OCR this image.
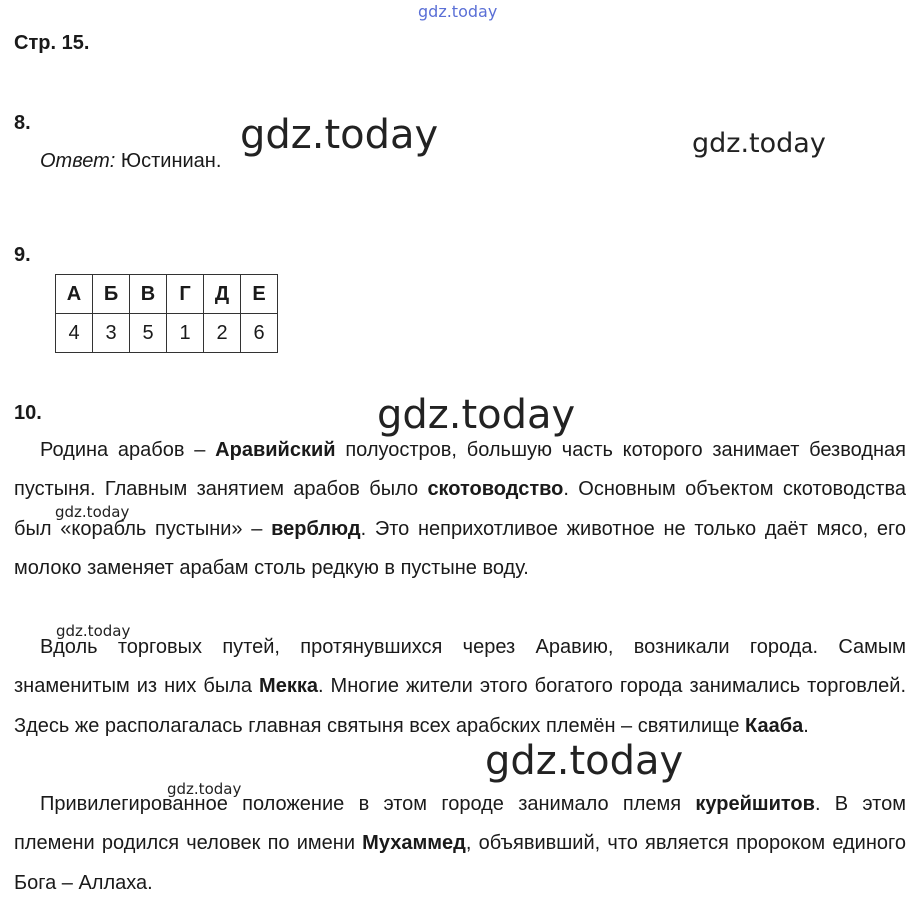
gdz.today
Стр. 15.
8.	gdz.today	gdz.today
Ответ: Юстиниан.
9.
А	Б	В	Г	Д	Е
4	3	5	1	2	6
10.	gdz.today
Родина арабов – Аравийский полуостров, большую часть которого занимает безводная пустыня. Главным занятием арабов было скотоводство. Основным объектом скотоводства был «корабль пустыни» – верблюд. Это неприхотливое животное не только даёт мясо, его молоко заменяет арабам столь редкую в пустыне воду.
Вдоль торговых путей, протянувшихся через Аравию, возникали города. Самым знаменитым из них была Мекка. Многие жители этого богатого города занимались торговлей. Здесь же располагалась главная святыня всех арабских племён – святилище Кааба.
Привилегированное положение в этом городе занимало племя курейшитов. В этом племени родился человек по имени Мухаммед, объявивший, что является пророком единого Бога – Аллаха.
gdz.today
gdz.today
gdz.today
gdz.today
